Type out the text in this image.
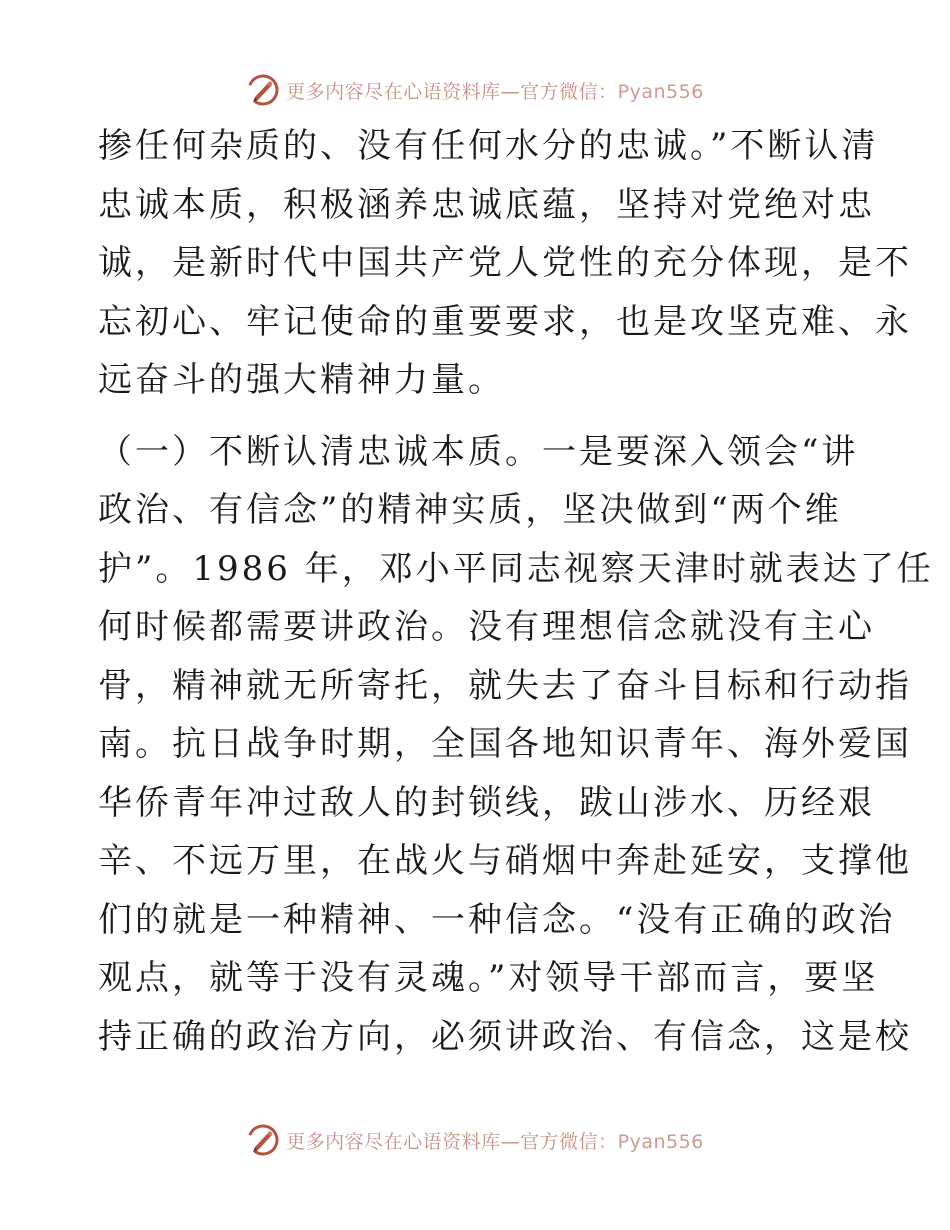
更多内容尽在心语资料库—官方微信：Pyan556

掺任何杂质的、没有任何水分的忠诚。”不断认清
忠诚本质，积极涵养忠诚底蕴，坚持对党绝对忠
诚，是新时代中国共产党人党性的充分体现，是不
忘初心、牢记使命的重要要求，也是攻坚克难、永
远奋斗的强大精神力量。

（一）不断认清忠诚本质。一是要深入领会“讲
政治、有信念”的精神实质，坚决做到“两个维
护”。1986 年，邓小平同志视察天津时就表达了任
何时候都需要讲政治。没有理想信念就没有主心
骨，精神就无所寄托，就失去了奋斗目标和行动指
南。抗日战争时期，全国各地知识青年、海外爱国
华侨青年冲过敌人的封锁线，跋山涉水、历经艰
辛、不远万里，在战火与硝烟中奔赴延安，支撑他
们的就是一种精神、一种信念。“没有正确的政治
观点，就等于没有灵魂。”对领导干部而言，要坚
持正确的政治方向，必须讲政治、有信念，这是校

更多内容尽在心语资料库—官方微信：Pyan556
